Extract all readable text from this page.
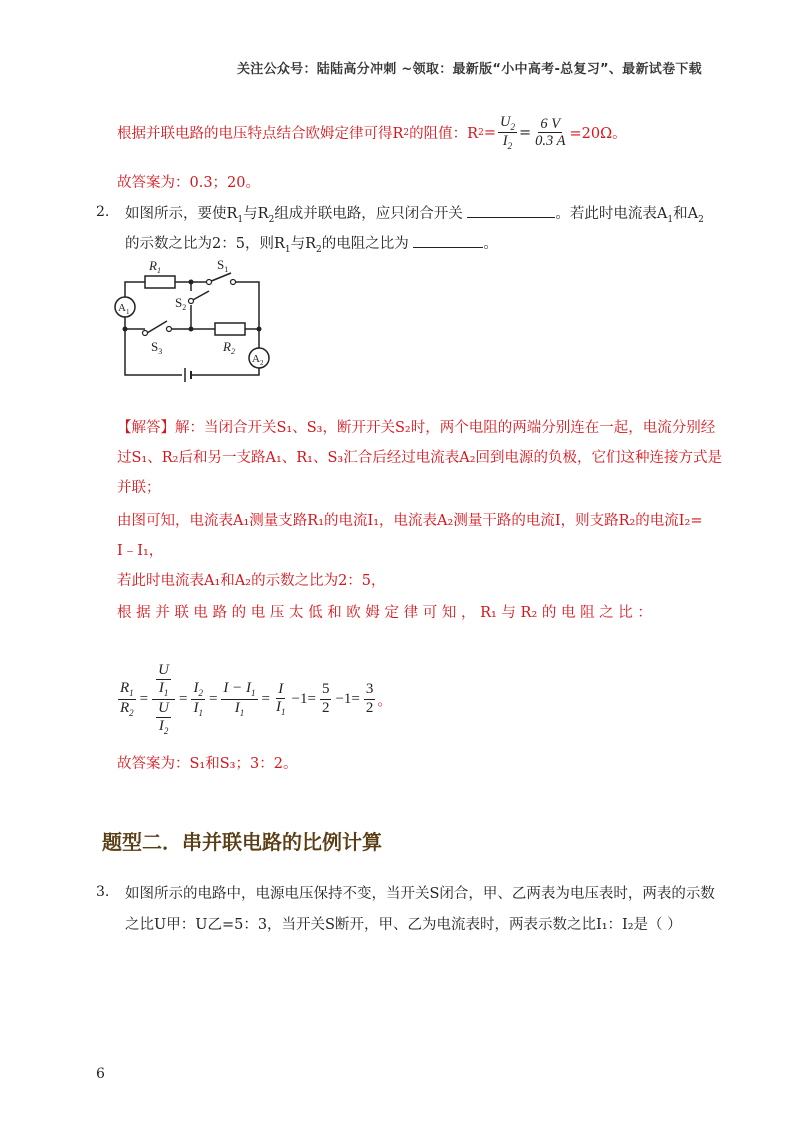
关注公众号：陆陆高分冲刺 ~领取：最新版“小中高考-总复习”、最新试卷下载
根据并联电路的电压特点结合欧姆定律可得R 2 的阻值：R $2 = \frac{U_2}{I_2} = \frac{6 V}{0.3 A} =20\Omega$。
故答案为：0.3；20。
2. 如图所示，要使$R_1$与$R_2$组成并联电路，应只闭合开关	。若此时电流表$A_1$和$A_2$
的示数之比为2：5，则$R_1$与$R_2$的电阻之比为	。
$R_1$	$S_1$
$S_2$
$S_3$	$R_2$
$A_1$
$A_2$
【解答】解：当闭合开关S₁、S₃，断开开关S₂时，两个电阻的两端分别连在一起，电流分别经
过S₁、R₂后和另一支路A₁、R₁、S₃汇合后经过电流表A₂回到电源的负极，它们这种连接方式是
并联；
由图可知，电流表A₁测量支路R₁的电流I₁，电流表A₂测量干路的电流I，则支路R₂的电流I₂=
I﹣I₁，
若此时电流表A₁和A₂的示数之比为2：5，
根 据 并 联 电 路 的 电 压 太 低 和 欧 姆 定 律 可 知 ， R₁ 与 R₂ 的 电 阻 之 比 ：
$\frac{R_1}{R_2} = \frac{\frac{U}{I_1}}{\frac{U}{I_2}} = \frac{I_2}{I_1} = \frac{I - I_1}{I_1} = \frac{I}{I_1} -1= \frac{5}{2} -1= \frac{3}{2}$ 。
故答案为：S₁和S₃；3：2。
题型二．串并联电路的比例计算
3. 如图所示的电路中，电源电压保持不变，当开关S闭合，甲、乙两表为电压表时，两表的示数
之比U甲：U乙=5：3，当开关S断开，甲、乙为电流表时，两表示数之比I₁：I₂是（ ）
6
